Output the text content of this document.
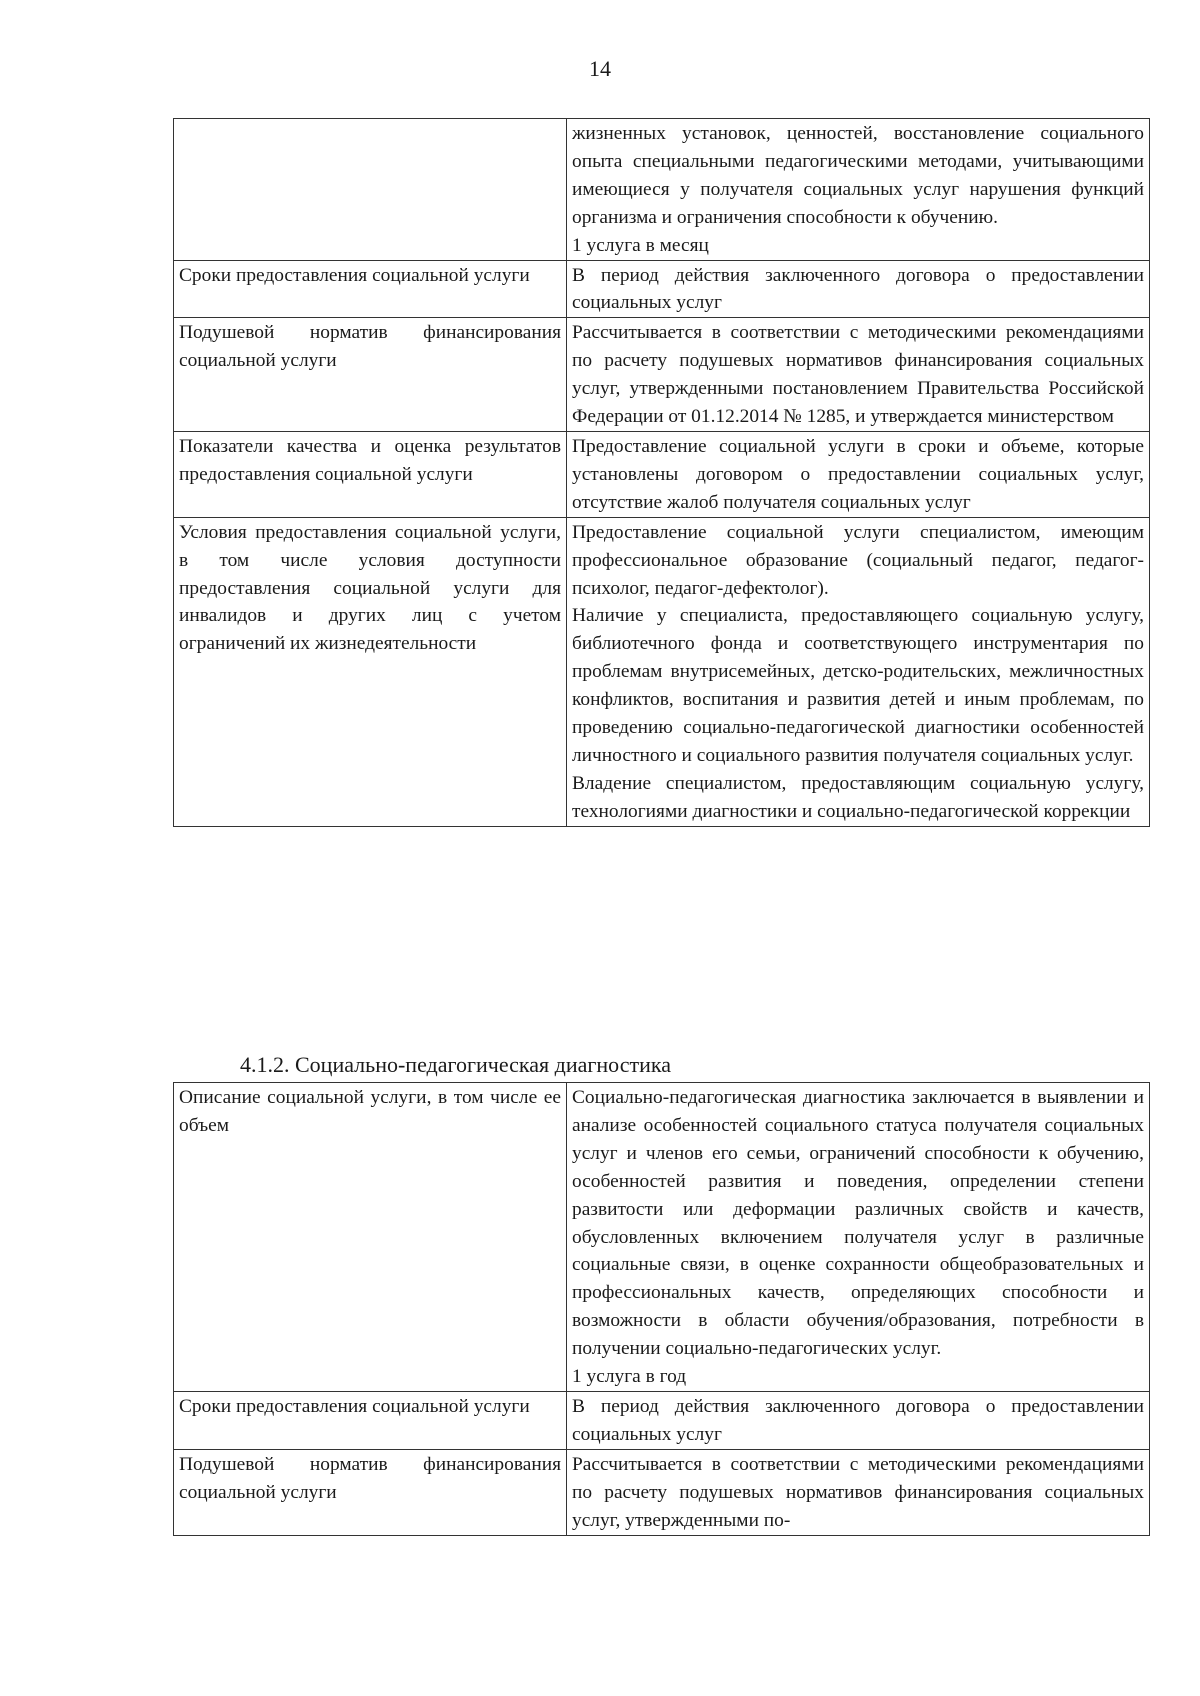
14

	жизненных установок, ценностей, восстановление социального опыта специальными педагогическими методами, учитывающими имеющиеся у получателя социальных услуг нарушения функций организма и ограничения способности к обучению.
1 услуга в месяц

Сроки предоставления социальной услуги	В период действия заключенного договора о предоставлении социальных услуг

Подушевой норматив финансирования социальной услуги	Рассчитывается в соответствии с методическими рекомендациями по расчету подушевых нормативов финансирования социальных услуг, утвержденными постановлением Правительства Российской Федерации от 01.12.2014 № 1285, и утверждается министерством

Показатели качества и оценка результатов предоставления социальной услуги	Предоставление социальной услуги в сроки и объеме, которые установлены договором о предоставлении социальных услуг, отсутствие жалоб получателя социальных услуг

Условия предоставления социальной услуги, в том числе условия доступности предоставления социальной услуги для инвалидов и других лиц с учетом ограничений их жизнедеятельности	Предоставление социальной услуги специалистом, имеющим профессиональное образование (социальный педагог, педагог-психолог, педагог-дефектолог).
Наличие у специалиста, предоставляющего социальную услугу, библиотечного фонда и соответствующего инструментария по проблемам внутрисемейных, детско-родительских, межличностных конфликтов, воспитания и развития детей и иным проблемам, по проведению социально-педагогической диагностики особенностей личностного и социального развития получателя социальных услуг.
Владение специалистом, предоставляющим социальную услугу, технологиями диагностики и социально-педагогической коррекции
4.1.2. Социально-педагогическая диагностика
Описание социальной услуги, в том числе ее объем	Социально-педагогическая диагностика заключается в выявлении и анализе особенностей социального статуса получателя социальных услуг и членов его семьи, ограничений способности к обучению, особенностей развития и поведения, определении степени развитости или деформации различных свойств и качеств, обусловленных включением получателя услуг в различные социальные связи, в оценке сохранности общеобразовательных и профессиональных качеств, определяющих способности и возможности в области обучения/образования, потребности в получении социально-педагогических услуг.
1 услуга в год

Сроки предоставления социальной услуги	В период действия заключенного договора о предоставлении социальных услуг

Подушевой норматив финансирования социальной услуги	Рассчитывается в соответствии с методическими рекомендациями по расчету подушевых нормативов финансирования социальных услуг, утвержденными по-
